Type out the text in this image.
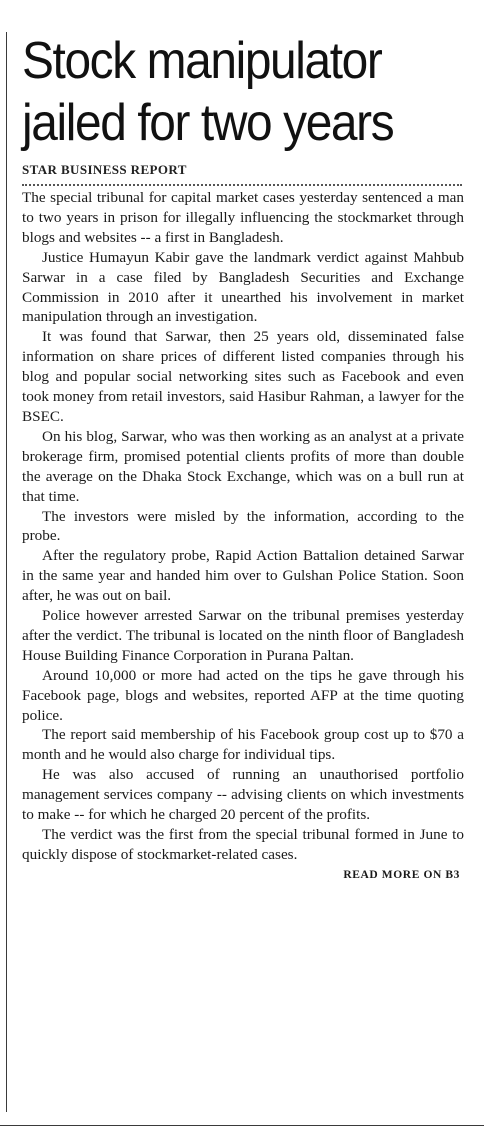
Stock manipulator
jailed for two years
STAR BUSINESS REPORT

The special tribunal for capital market cases yesterday sentenced a man to two years in prison for illegally influencing the stockmarket through blogs and websites -- a first in Bangladesh.

Justice Humayun Kabir gave the landmark verdict against Mahbub Sarwar in a case filed by Bangladesh Securities and Exchange Commission in 2010 after it unearthed his involvement in market manipulation through an investigation.

It was found that Sarwar, then 25 years old, disseminated false information on share prices of different listed companies through his blog and popular social networking sites such as Facebook and even took money from retail investors, said Hasibur Rahman, a lawyer for the BSEC.

On his blog, Sarwar, who was then working as an analyst at a private brokerage firm, promised potential clients profits of more than double the average on the Dhaka Stock Exchange, which was on a bull run at that time.

The investors were misled by the information, according to the probe.

After the regulatory probe, Rapid Action Battalion detained Sarwar in the same year and handed him over to Gulshan Police Station. Soon after, he was out on bail.

Police however arrested Sarwar on the tribunal premises yesterday after the verdict. The tribunal is located on the ninth floor of Bangladesh House Building Finance Corporation in Purana Paltan.

Around 10,000 or more had acted on the tips he gave through his Facebook page, blogs and websites, reported AFP at the time quoting police.

The report said membership of his Facebook group cost up to $70 a month and he would also charge for individual tips.

He was also accused of running an unauthorised portfolio management services company -- advising clients on which investments to make -- for which he charged 20 percent of the profits.

The verdict was the first from the special tribunal formed in June to quickly dispose of stockmarket-related cases.

READ MORE ON B3
